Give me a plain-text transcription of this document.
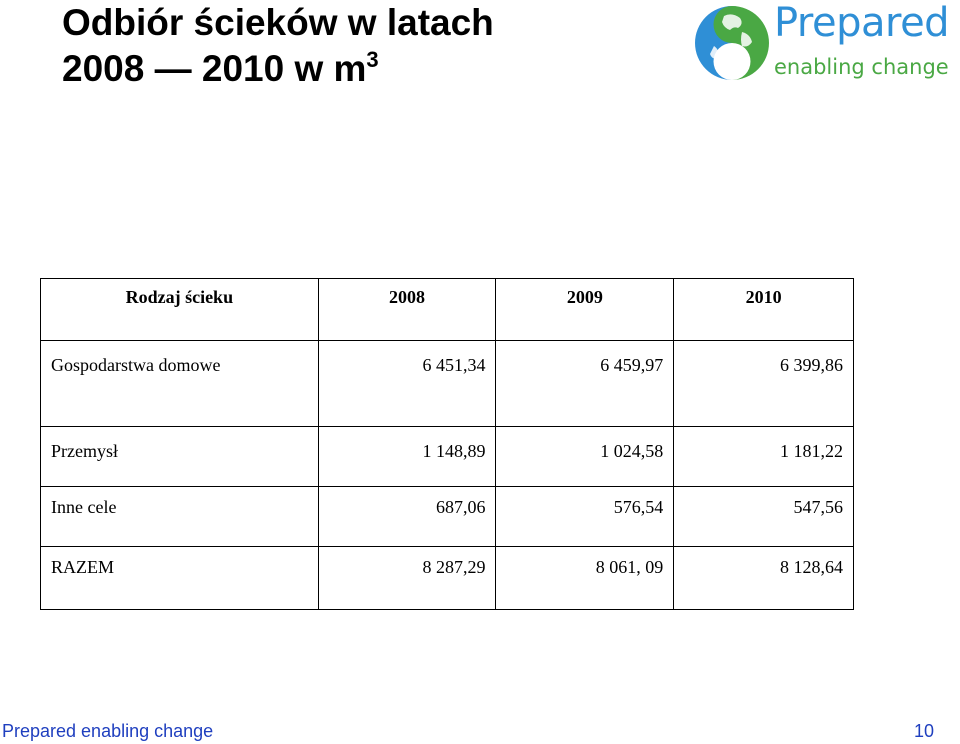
Odbiór ścieków w latach
2008 — 2010 w $m^3$
Prepared
enabling change
Rodzaj ścieku	2008	2009	2010
Gospodarstwa domowe	6 451,34	6 459,97	6 399,86
Przemysł	1 148,89	1 024,58	1 181,22
Inne cele	687,06	576,54	547,56
RAZEM	8 287,29	8 061, 09	8 128,64
Prepared enabling change	10
